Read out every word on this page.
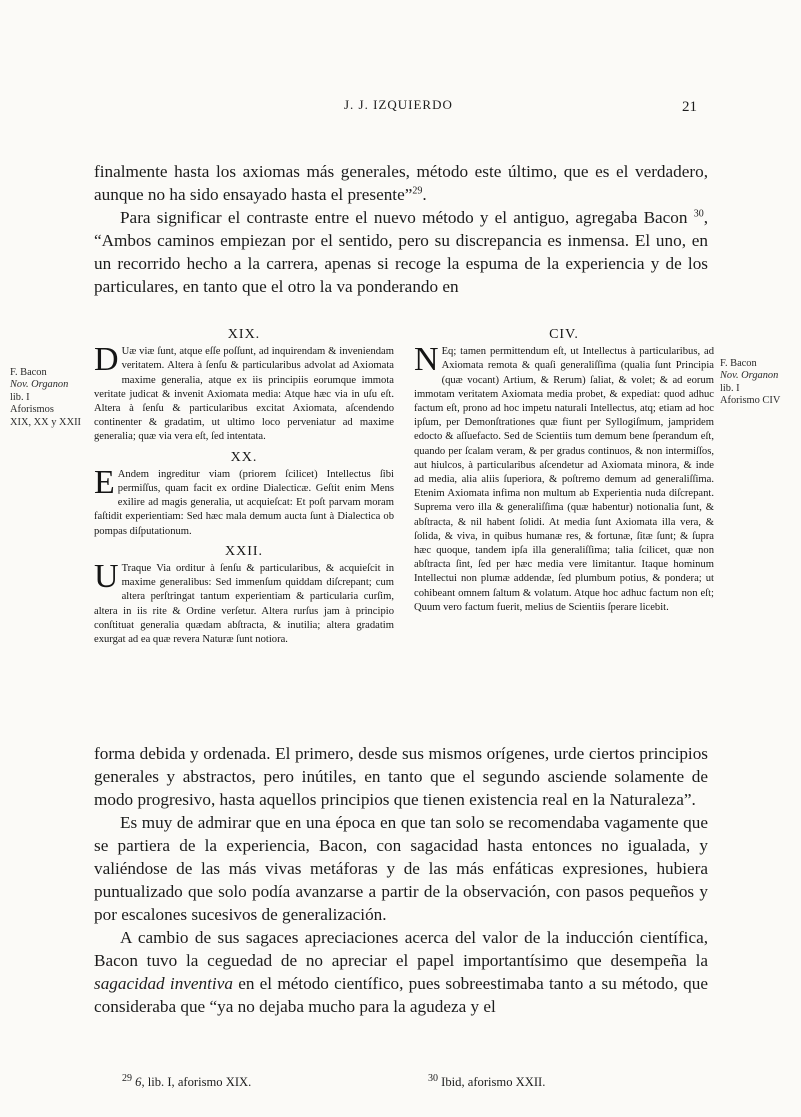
J. J. IZQUIERDO	21

finalmente hasta los axiomas más generales, método este último, que es el verdadero, aunque no ha sido ensayado hasta el presente”$^{29}$.

Para significar el contraste entre el nuevo método y el antiguo, agregaba Bacon $^{30}$, “Ambos caminos empiezan por el sentido, pero su discrepancia es inmensa. El uno, en un recorrido hecho a la carrera, apenas si recoge la espuma de la experiencia y de los particulares, en tanto que el otro la va ponderando en

F. Bacon
Nov. Organon
lib. I
Aforismos
XIX, XX y XXII
F. Bacon
Nov. Organon
lib. I
Aforismo CIV
XIX.

D Uæ viæ ſunt, atque eſſe poſſunt, ad inquirendam & inveniendam veritatem. Altera à ſenſu & particularibus advolat ad Axiomata maxime generalia, atque ex iis principiis eorumque immota veritate judicat & invenit Axiomata media: Atque hæc via in uſu eſt. Altera à ſenſu & particularibus excitat Axiomata, aſcendendo continenter & gradatim, ut ultimo loco perveniatur ad maxime generalia; quæ via vera eſt, ſed intentata.

XX.

E Andem ingreditur viam (priorem ſcilicet) Intellectus ſibi permiſſus, quam facit ex ordine Dialecticæ. Geſtit enim Mens exilire ad magis generalia, ut acquieſcat: Et poſt parvam moram faſtidit experientiam: Sed hæc mala demum aucta ſunt à Dialectica ob pompas diſputationum.

XXII.

U Traque Via orditur à ſenſu & particularibus, & acquieſcit in maxime generalibus: Sed immenſum quiddam diſcrepant; cum altera perſtringat tantum experientiam & particularia curſim, altera in iis rite & Ordine verſetur. Altera rurſus jam à principio conſtituat generalia quædam abſtracta, & inutilia; altera gradatim exurgat ad ea quæ revera Naturæ ſunt notiora.

CIV.

N Eq; tamen permittendum eſt, ut Intellectus à particularibus, ad Axiomata remota & quaſi generaliſſima (qualia ſunt Principia (quæ vocant) Artium, & Rerum) ſaliat, & volet; & ad eorum immotam veritatem Axiomata media probet, & expediat: quod adhuc factum eſt, prono ad hoc impetu naturali Intellectus, atq; etiam ad hoc ipſum, per Demonſtrationes quæ fiunt per Syllogiſmum, jampridem edocto & aſſuefacto. Sed de Scientiis tum demum bene ſperandum eſt, quando per ſcalam veram, & per gradus continuos, & non intermiſſos, aut hiulcos, à particularibus aſcendetur ad Axiomata minora, & inde ad media, alia aliis ſuperiora, & poſtremo demum ad generaliſſima. Etenim Axiomata infima non multum ab Experientia nuda diſcrepant. Suprema vero illa & generaliſſima (quæ habentur) notionalia ſunt, & abſtracta, & nil habent ſolidi. At media ſunt Axiomata illa vera, & ſolida, & viva, in quibus humanæ res, & fortunæ, ſitæ ſunt; & ſupra hæc quoque, tandem ipſa illa generaliſſima; talia ſcilicet, quæ non abſtracta ſint, ſed per hæc media vere limitantur. Itaque hominum Intellectui non plumæ addendæ, ſed plumbum potius, & pondera; ut cohibeant omnem ſaltum & volatum. Atque hoc adhuc factum non eſt; Quum vero factum fuerit, melius de Scientiis ſperare licebit.

forma debida y ordenada. El primero, desde sus mismos orígenes, urde ciertos principios generales y abstractos, pero inútiles, en tanto que el segundo asciende solamente de modo progresivo, hasta aquellos principios que tienen existencia real en la Naturaleza”.

Es muy de admirar que en una época en que tan solo se recomendaba vagamente que se partiera de la experiencia, Bacon, con sagacidad hasta entonces no igualada, y valiéndose de las más vivas metáforas y de las más enfáticas expresiones, hubiera puntualizado que solo podía avanzarse a partir de la observación, con pasos pequeños y por escalones sucesivos de generalización.

A cambio de sus sagaces apreciaciones acerca del valor de la inducción científica, Bacon tuvo la ceguedad de no apreciar el papel importantísimo que desempeña la sagacidad inventiva en el método científico, pues sobreestimaba tanto a su método, que consideraba que “ya no dejaba mucho para la agudeza y el

$^{29}$ 6, lib. I, aforismo XIX.	$^{30}$ Ibid, aforismo XXII.
